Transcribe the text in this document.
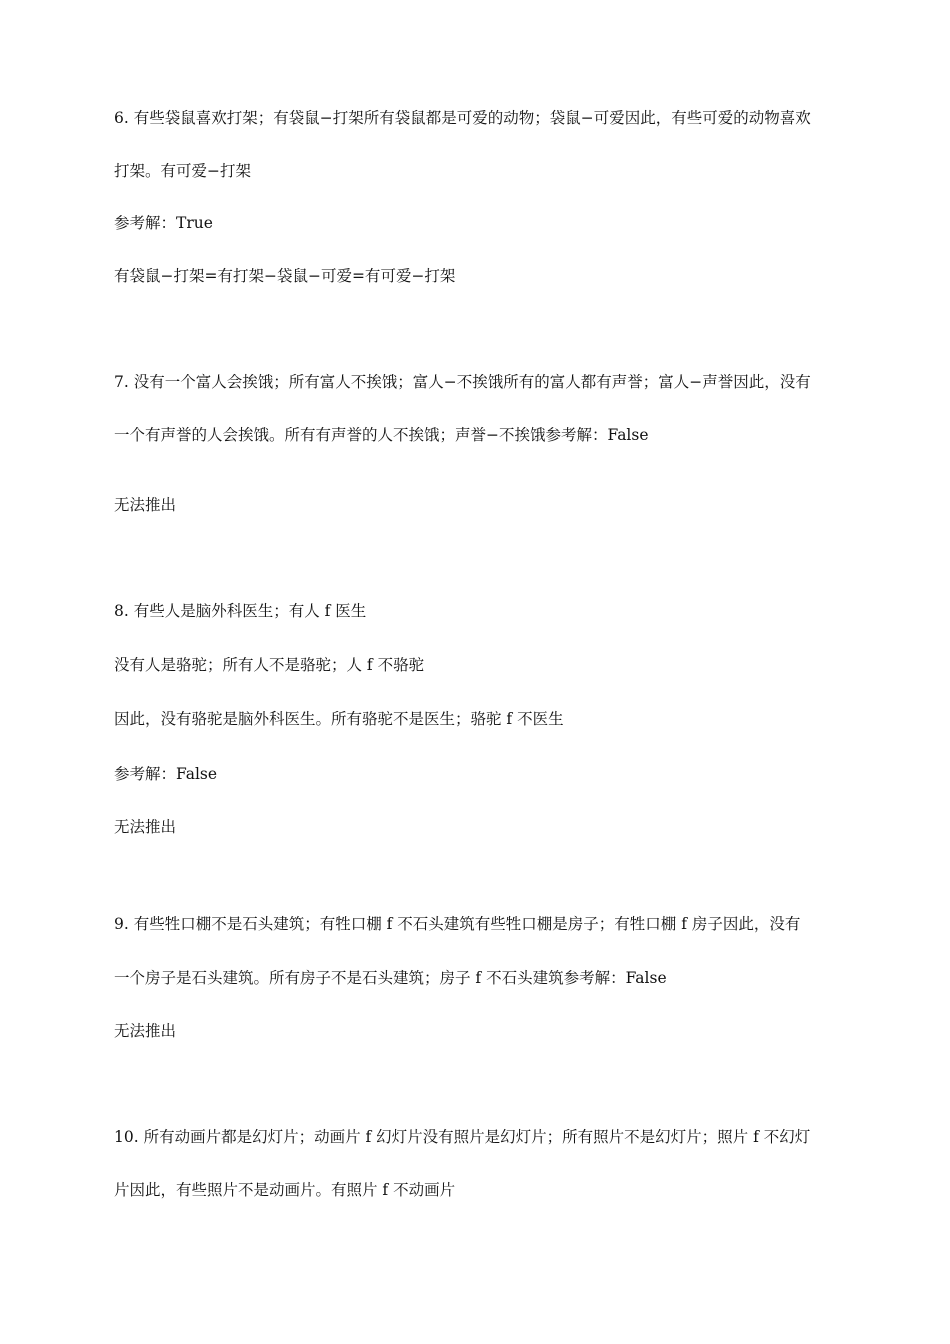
6. 有些袋鼠喜欢打架；有袋鼠−打架所有袋鼠都是可爱的动物；袋鼠−可爱因此，有些可爱的动物喜欢
打架。有可爱−打架
参考解：True
有袋鼠−打架=有打架−袋鼠−可爱=有可爱−打架
7. 没有一个富人会挨饿；所有富人不挨饿；富人−不挨饿所有的富人都有声誉；富人−声誉因此，没有
一个有声誉的人会挨饿。所有有声誉的人不挨饿；声誉−不挨饿参考解：False
无法推出
8. 有些人是脑外科医生；有人 f 医生
没有人是骆驼；所有人不是骆驼；人 f 不骆驼
因此，没有骆驼是脑外科医生。所有骆驼不是医生；骆驼 f 不医生
参考解：False
无法推出
9. 有些牲口棚不是石头建筑；有牲口棚 f 不石头建筑有些牲口棚是房子；有牲口棚 f 房子因此，没有
一个房子是石头建筑。所有房子不是石头建筑；房子 f 不石头建筑参考解：False
无法推出
10. 所有动画片都是幻灯片；动画片 f 幻灯片没有照片是幻灯片；所有照片不是幻灯片；照片 f 不幻灯
片因此，有些照片不是动画片。有照片 f 不动画片
